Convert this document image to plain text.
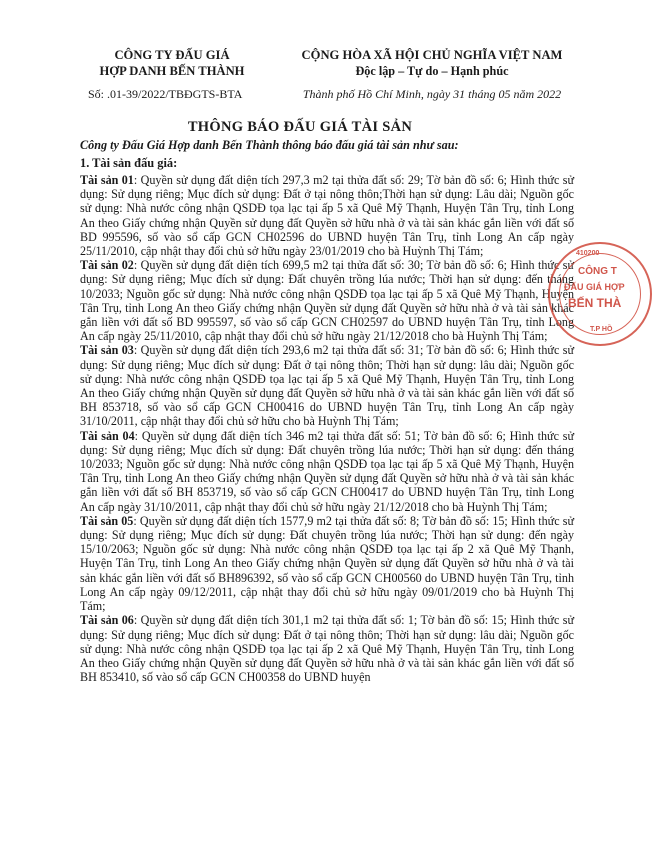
CÔNG TY ĐẤU GIÁ
HỢP DANH BẾN THÀNH
Số: .01-39/2022/TBĐGTS-BTA
CỘNG HÒA XÃ HỘI CHỦ NGHĨA VIỆT NAM
Độc lập – Tự do – Hạnh phúc
Thành phố Hồ Chí Minh, ngày 31 tháng 05 năm 2022
THÔNG BÁO ĐẤU GIÁ TÀI SẢN
Công ty Đấu Giá Hợp danh Bến Thành thông báo đấu giá tài sản như sau:
1. Tài sản đấu giá:

Tài sản 01: Quyền sử dụng đất diện tích 297,3 m2 tại thửa đất số: 29; Tờ bản đồ số: 6; Hình thức sử dụng: Sử dụng riêng; Mục đích sử dụng: Đất ở tại nông thôn;Thời hạn sử dụng: Lâu dài; Nguồn gốc sử dụng: Nhà nước công nhận QSDĐ tọa lạc tại ấp 5 xã Quê Mỹ Thạnh, Huyện Tân Trụ, tỉnh Long An theo Giấy chứng nhận Quyền sử dụng đất Quyền sở hữu nhà ở và tài sản khác gắn liền với đất số BD 995596, số vào sổ cấp GCN CH02596 do UBND huyện Tân Trụ, tỉnh Long An cấp ngày 25/11/2010, cập nhật thay đổi chủ sở hữu ngày 23/01/2019 cho bà Huỳnh Thị Tám;

Tài sản 02: Quyền sử dụng đất diện tích 699,5 m2 tại thửa đất số: 30; Tờ bản đồ số: 6; Hình thức sử dụng: Sử dụng riêng; Mục đích sử dụng: Đất chuyên trồng lúa nước; Thời hạn sử dụng: đến tháng 10/2033; Nguồn gốc sử dụng: Nhà nước công nhận QSDĐ tọa lạc tại ấp 5 xã Quê Mỹ Thạnh, Huyện Tân Trụ, tỉnh Long An theo Giấy chứng nhận Quyền sử dụng đất Quyền sở hữu nhà ở và tài sản khác gắn liền với đất số BD 995597, số vào sổ cấp GCN CH02597 do UBND huyện Tân Trụ, tỉnh Long An cấp ngày 25/11/2010, cập nhật thay đổi chủ sở hữu ngày 21/12/2018 cho bà Huỳnh Thị Tám;

Tài sản 03: Quyền sử dụng đất diện tích 293,6 m2 tại thửa đất số: 31; Tờ bản đồ số: 6; Hình thức sử dụng: Sử dụng riêng; Mục đích sử dụng: Đất ở tại nông thôn; Thời hạn sử dụng: lâu dài; Nguồn gốc sử dụng: Nhà nước công nhận QSDĐ tọa lạc tại ấp 5 xã Quê Mỹ Thạnh, Huyện Tân Trụ, tỉnh Long An theo Giấy chứng nhận Quyền sử dụng đất Quyền sở hữu nhà ở và tài sản khác gắn liền với đất số BH 853718, số vào sổ cấp GCN CH00416 do UBND huyện Tân Trụ, tỉnh Long An cấp ngày 31/10/2011, cập nhật thay đổi chủ sở hữu cho bà Huỳnh Thị Tám;

Tài sản 04: Quyền sử dụng đất diện tích 346 m2 tại thửa đất số: 51; Tờ bản đồ số: 6; Hình thức sử dụng: Sử dụng riêng; Mục đích sử dụng: Đất chuyên trồng lúa nước; Thời hạn sử dụng: đến tháng 10/2033; Nguồn gốc sử dụng: Nhà nước công nhận QSDĐ tọa lạc tại ấp 5 xã Quê Mỹ Thạnh, Huyện Tân Trụ, tỉnh Long An theo Giấy chứng nhận Quyền sử dụng đất Quyền sở hữu nhà ở và tài sản khác gắn liền với đất số BH 853719, số vào sổ cấp GCN CH00417 do UBND huyện Tân Trụ, tỉnh Long An cấp ngày 31/10/2011, cập nhật thay đổi chủ sở hữu ngày 21/12/2018 cho bà Huỳnh Thị Tám;

Tài sản 05: Quyền sử dụng đất diện tích 1577,9 m2 tại thửa đất số: 8; Tờ bản đồ số: 15; Hình thức sử dụng: Sử dụng riêng; Mục đích sử dụng: Đất chuyên trồng lúa nước; Thời hạn sử dụng: đến ngày 15/10/2063; Nguồn gốc sử dụng: Nhà nước công nhận QSDĐ tọa lạc tại ấp 2 xã Quê Mỹ Thạnh, Huyện Tân Trụ, tỉnh Long An theo Giấy chứng nhận Quyền sử dụng đất Quyền sở hữu nhà ở và tài sản khác gắn liền với đất số BH896392, số vào sổ cấp GCN CH00560 do UBND huyện Tân Trụ, tỉnh Long An cấp ngày 09/12/2011, cập nhật thay đổi chủ sở hữu ngày 09/01/2019 cho bà Huỳnh Thị Tám;

Tài sản 06: Quyền sử dụng đất diện tích 301,1 m2 tại thửa đất số: 1; Tờ bản đồ số: 15; Hình thức sử dụng: Sử dụng riêng; Mục đích sử dụng: Đất ở tại nông thôn; Thời hạn sử dụng: lâu dài; Nguồn gốc sử dụng: Nhà nước công nhận QSDĐ tọa lạc tại ấp 2 xã Quê Mỹ Thạnh, Huyện Tân Trụ, tỉnh Long An theo Giấy chứng nhận Quyền sử dụng đất Quyền sở hữu nhà ở và tài sản khác gắn liền với đất số BH 853410, số vào sổ cấp GCN CH00358 do UBND huyện

410200
CÔNG T
ĐẤU GIÁ HỢP
BẾN THÀ
T.P HỒ
